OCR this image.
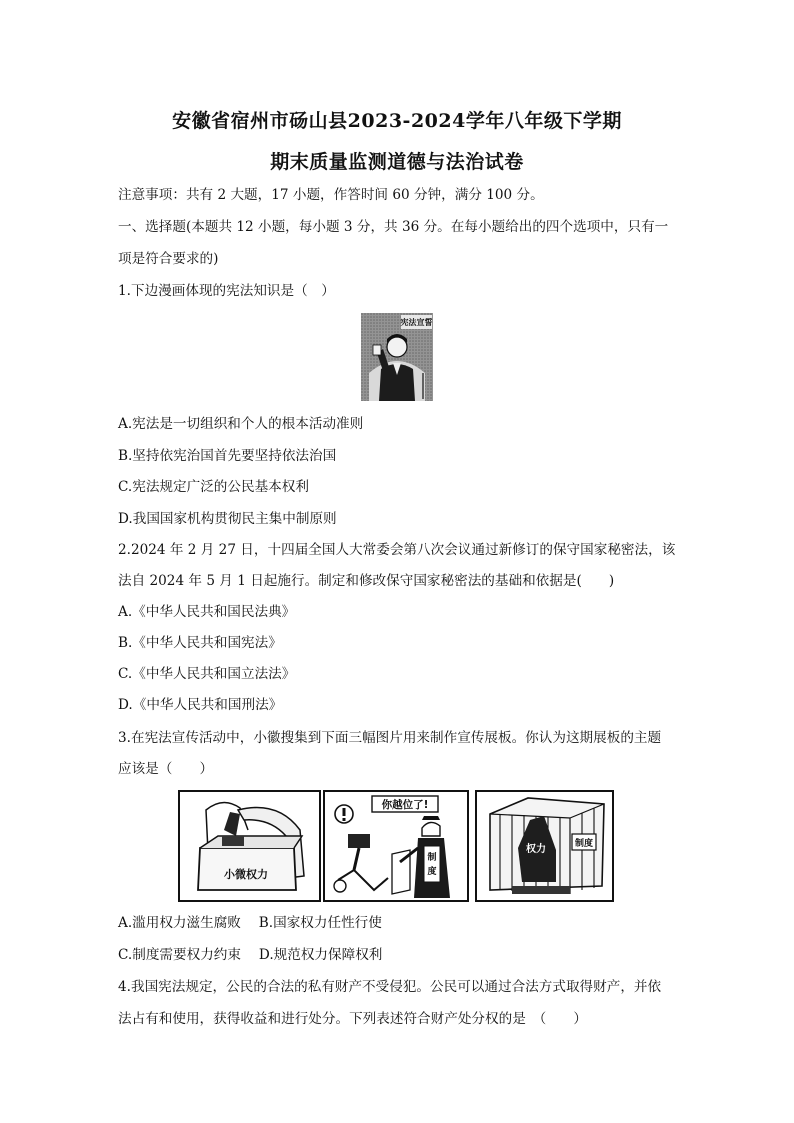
安徽省宿州市砀山县2023-2024学年八年级下学期
期末质量监测道德与法治试卷
注意事项：共有 2 大题，17 小题，作答时间 60 分钟，满分 100 分。
一、选择题(本题共 12 小题，每小题 3 分，共 36 分。在每小题给出的四个选项中，只有一
项是符合要求的)
1.下边漫画体现的宪法知识是（　）
宪法宣誓
A.宪法是一切组织和个人的根本活动准则
B.坚持依宪治国首先要坚持依法治国
C.宪法规定广泛的公民基本权利
D.我国国家机构贯彻民主集中制原则
2.2024 年 2 月 27 日，十四届全国人大常委会第八次会议通过新修订的保守国家秘密法，该
法自 2024 年 5 月 1 日起施行。制定和修改保守国家秘密法的基础和依据是(　　)
A.《中华人民共和国民法典》
B.《中华人民共和国宪法》
C.《中华人民共和国立法法》
D.《中华人民共和国刑法》
3.在宪法宣传活动中，小徽搜集到下面三幅图片用来制作宣传展板。你认为这期展板的主题
应该是（　　）
小微权力
你越位了!
制
度
权力	制度
A.滥用权力滋生腐败　 B.国家权力任性行使
C.制度需要权力约束　 D.规范权力保障权利
4.我国宪法规定，公民的合法的私有财产不受侵犯。公民可以通过合法方式取得财产，并依
法占有和使用，获得收益和进行处分。下列表述符合财产处分权的是　（　　）
